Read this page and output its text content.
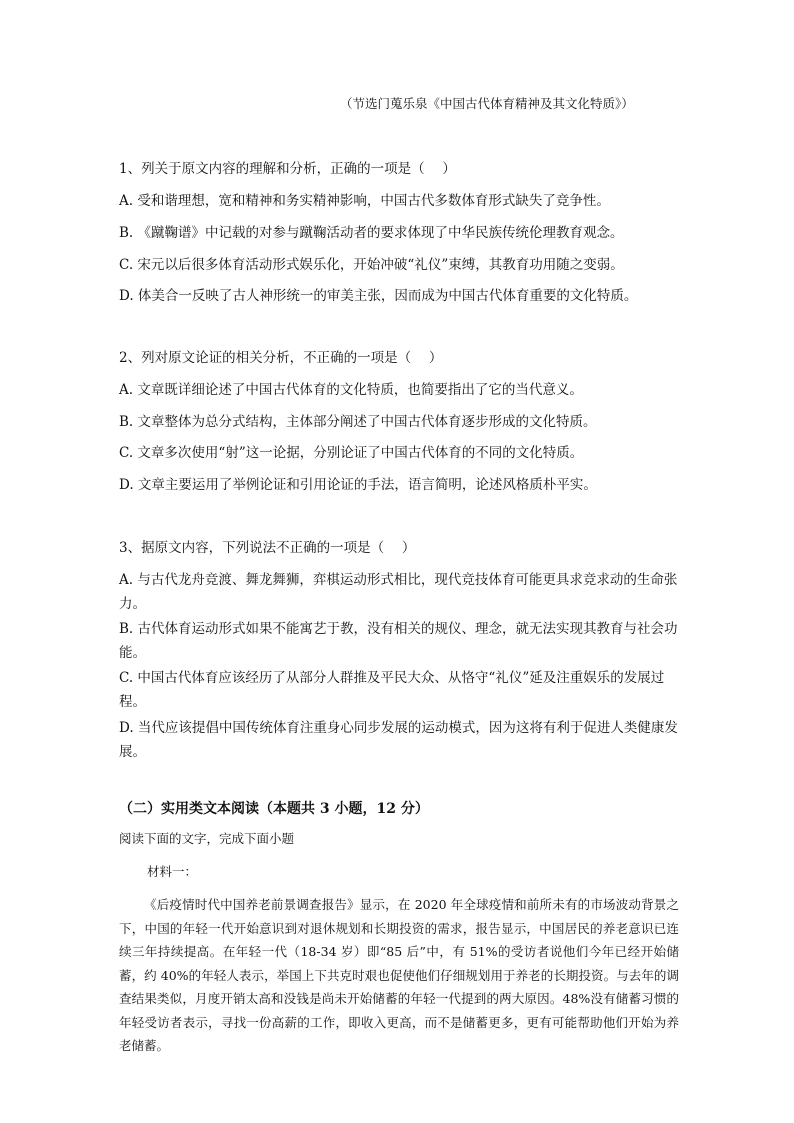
（节选门蒐乐泉《中国古代体育精神及其文化特质》）
1、列关于原文内容的理解和分析，正确的一项是（　 ）
A. 受和谐理想，宽和精神和务实精神影响，中国古代多数体育形式缺失了竞争性。
B. 《蹴鞠谱》中记载的对参与蹴鞠活动者的要求体现了中华民族传统伦理教育观念。
C. 宋元以后很多体育活动形式娱乐化，开始冲破“礼仪”束缚，其教育功用随之变弱。
D. 体美合一反映了古人神形统一的审美主张，因而成为中国古代体育重要的文化特质。
2、列对原文论证的相关分析，不正确的一项是（　 ）
A. 文章既详细论述了中国古代体育的文化特质，也简要指出了它的当代意义。
B. 文章整体为总分式结构，主体部分阐述了中国古代体育逐步形成的文化特质。
C. 文章多次使用“射”这一论据，分别论证了中国古代体育的不同的文化特质。
D. 文章主要运用了举例论证和引用论证的手法，语言简明，论述风格质朴平实。
3、据原文内容，下列说法不正确的一项是（　 ）
A. 与古代龙舟竞渡、舞龙舞狮，弈棋运动形式相比，现代竞技体育可能更具求竞求动的生命张力。
B. 古代体育运动形式如果不能寓艺于教，没有相关的规仪、理念，就无法实现其教育与社会功能。
C. 中国古代体育应该经历了从部分人群推及平民大众、从恪守“礼仪”延及注重娱乐的发展过程。
D. 当代应该提倡中国传统体育注重身心同步发展的运动模式，因为这将有利于促进人类健康发展。
（二）实用类文本阅读（本题共 3 小题，12 分）
阅读下面的文字，完成下面小题
材料一：
《后疫情时代中国养老前景调查报告》显示，在 2020 年全球疫情和前所未有的市场波动背景之下，中国的年轻一代开始意识到对退休规划和长期投资的需求，报告显示，中国居民的养老意识已连续三年持续提高。在年轻一代（18-34 岁）即“85 后”中，有 51%的受访者说他们今年已经开始储蓄，约 40%的年轻人表示，举国上下共克时艰也促使他们仔细规划用于养老的长期投资。与去年的调查结果类似，月度开销太高和没钱是尚未开始储蓄的年轻一代提到的两大原因。48%没有储蓄习惯的年轻受访者表示，寻找一份高薪的工作，即收入更高，而不是储蓄更多，更有可能帮助他们开始为养老储蓄。
